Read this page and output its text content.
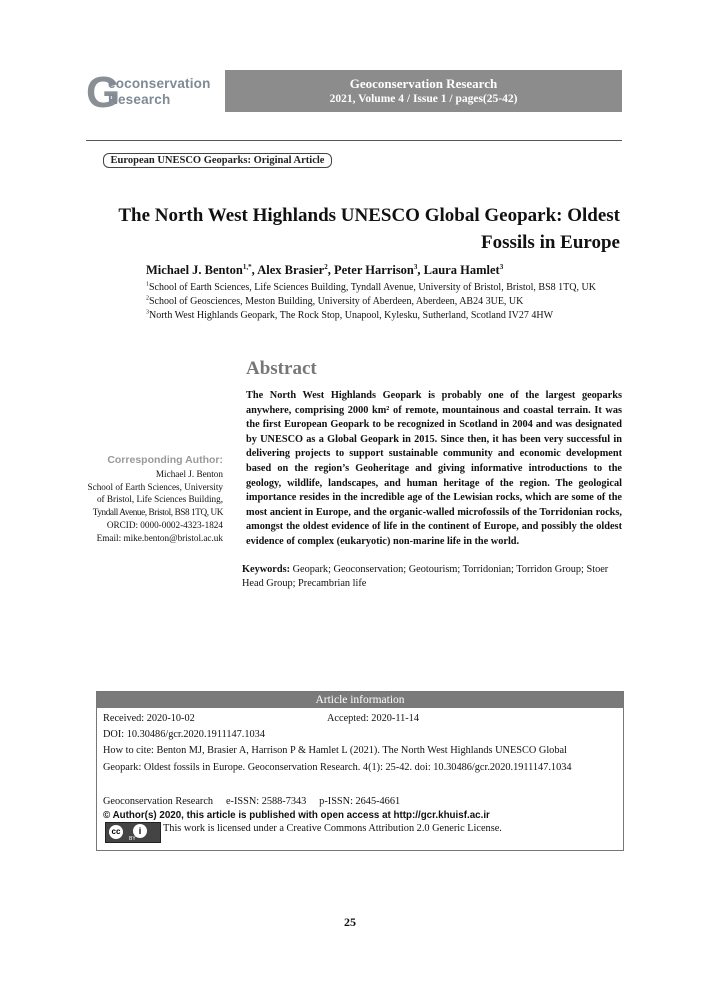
G
eoconservation
Research
Geoconservation Research
2021, Volume 4 / Issue 1 / pages(25-42)
European UNESCO Geoparks: Original Article
The North West Highlands UNESCO Global Geopark: Oldest
Fossils in Europe
Michael J. Benton$^{1,*}$, Alex Brasier$^2$, Peter Harrison$^3$, Laura Hamlet$^3$
$^1$School of Earth Sciences, Life Sciences Building, Tyndall Avenue, University of Bristol, Bristol, BS8 1TQ, UK
$^2$School of Geosciences, Meston Building, University of Aberdeen, Aberdeen, AB24 3UE, UK
$^3$North West Highlands Geopark, The Rock Stop, Unapool, Kylesku, Sutherland, Scotland IV27 4HW
Abstract
The North West Highlands Geopark is probably one of the largest geoparks anywhere, comprising 2000 km² of remote, mountainous and coastal terrain. It was the first European Geopark to be recognized in Scotland in 2004 and was designated by UNESCO as a Global Geopark in 2015. Since then, it has been very successful in delivering projects to support sustainable community and economic development based on the region’s Geoheritage and giving informative introductions to the geology, wildlife, landscapes, and human heritage of the region. The geological importance resides in the incredible age of the Lewisian rocks, which are some of the most ancient in Europe, and the organic-walled microfossils of the Torridonian rocks, amongst the oldest evidence of life in the continent of Europe, and possibly the oldest evidence of complex (eukaryotic) non-marine life in the world.
Corresponding Author:
Michael J. Benton
School of Earth Sciences, University
of Bristol, Life Sciences Building,
Tyndall Avenue, Bristol, BS8 1TQ, UK
ORCID: 0000-0002-4323-1824
Email: mike.benton@bristol.ac.uk
Keywords: Geopark; Geoconservation; Geotourism; Torridonian; Torridon Group; Stoer Head Group; Precambrian life
Article information
Received: 2020-10-02	Accepted: 2020-11-14
DOI: 10.30486/gcr.2020.1911147.1034
How to cite: Benton MJ, Brasier A, Harrison P & Hamlet L (2021). The North West Highlands UNESCO Global
Geopark: Oldest fossils in Europe. Geoconservation Research. 4(1): 25-42. doi: 10.30486/gcr.2020.1911147.1034
Geoconservation Research     e-ISSN: 2588-7343     p-ISSN: 2645-4661
© Author(s) 2020, this article is published with open access at http://gcr.khuisf.ac.ir
cc	i
BY
This work is licensed under a Creative Commons Attribution 2.0 Generic License.
25
